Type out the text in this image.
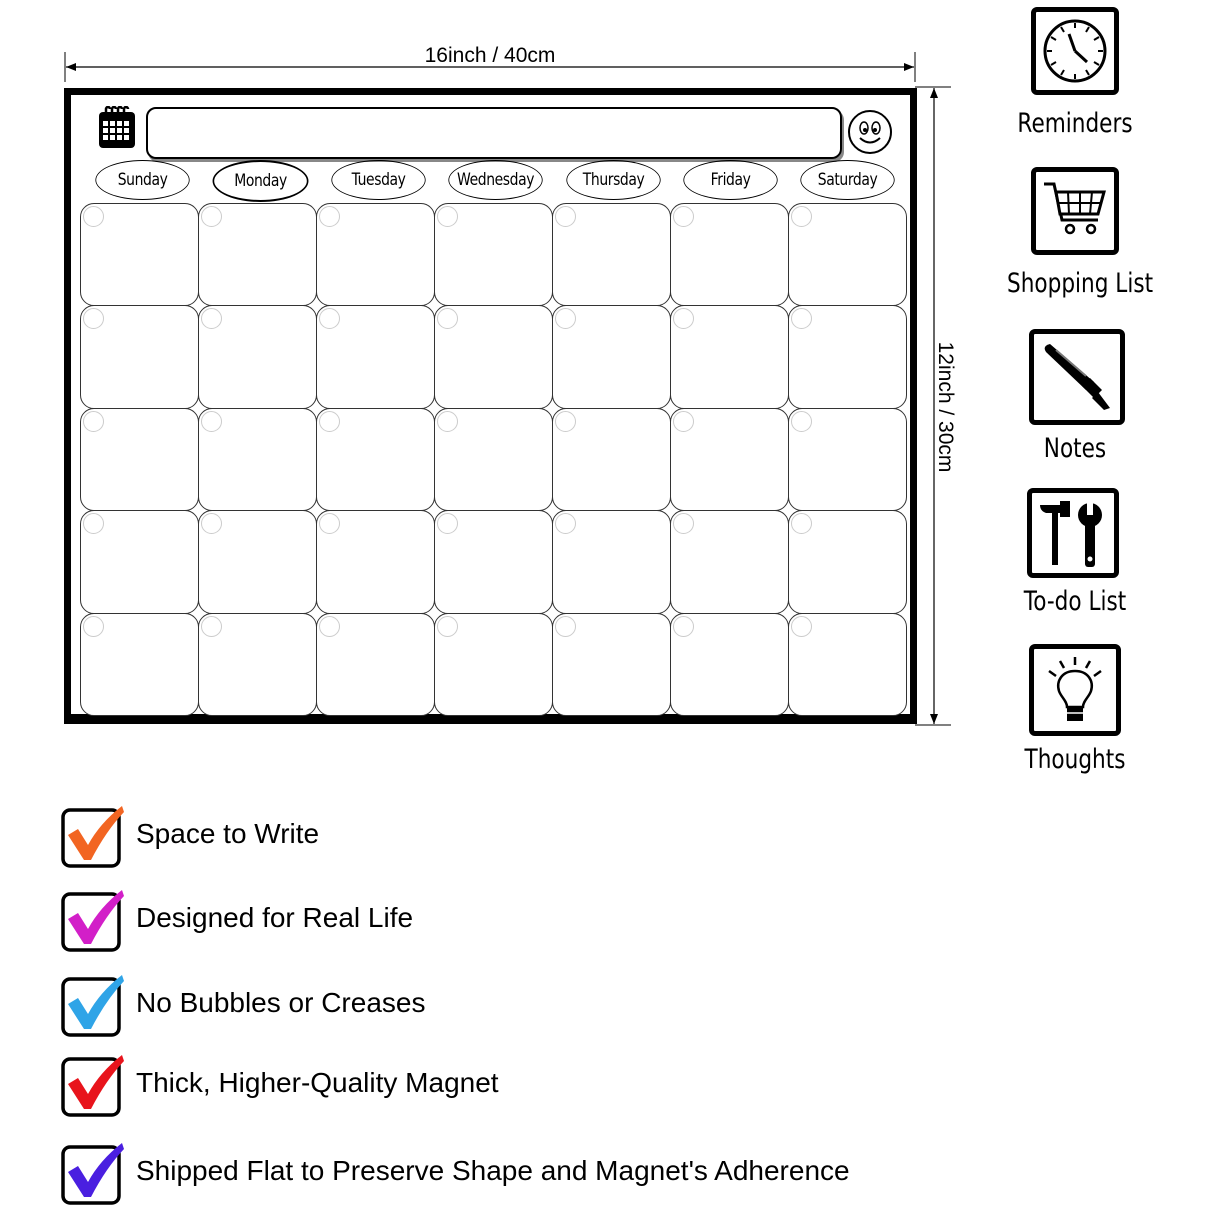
16inch / 40cm
12inch / 30cm
Sunday	Monday	Tuesday	Wednesday	Thursday	Friday	Saturday
Reminders
Shopping List
Notes
To-do List
Thoughts
Space to Write
Designed for Real Life
No Bubbles or Creases
Thick, Higher-Quality Magnet
Shipped Flat to Preserve Shape and Magnet's Adherence
